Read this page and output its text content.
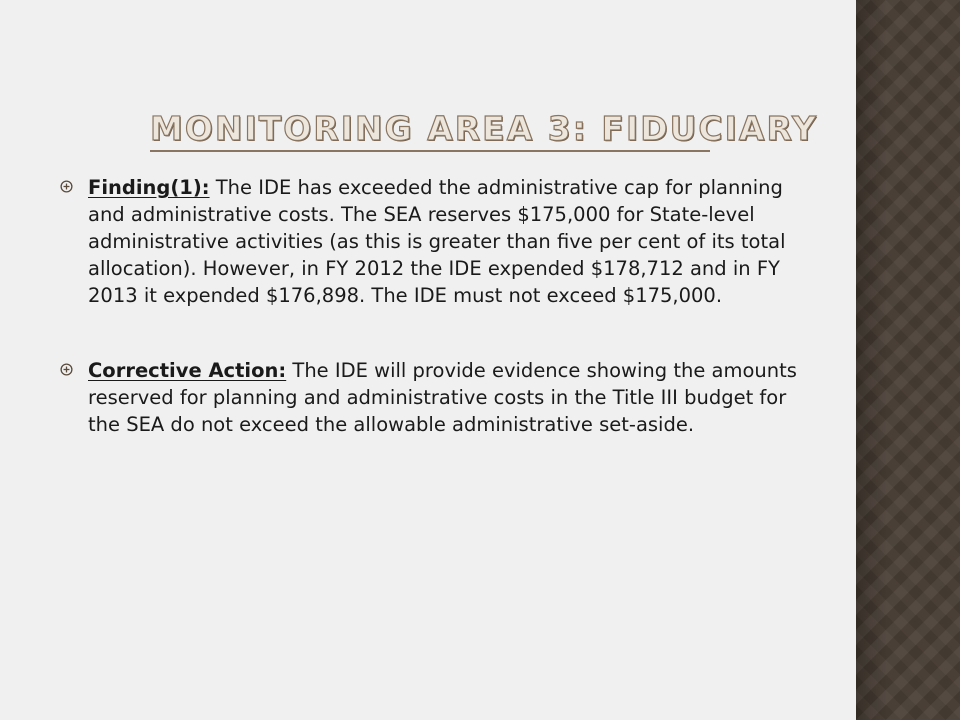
MONITORING AREA 3: FIDUCIARY

Finding(1): The IDE has exceeded the administrative cap for planning and administrative costs. The SEA reserves $175,000 for State-level administrative activities (as this is greater than five per cent of its total allocation). However, in FY 2012 the IDE expended $178,712 and in FY 2013 it expended $176,898. The IDE must not exceed $175,000.

Corrective Action: The IDE will provide evidence showing the amounts reserved for planning and administrative costs in the Title III budget for the SEA do not exceed the allowable administrative set-aside.
